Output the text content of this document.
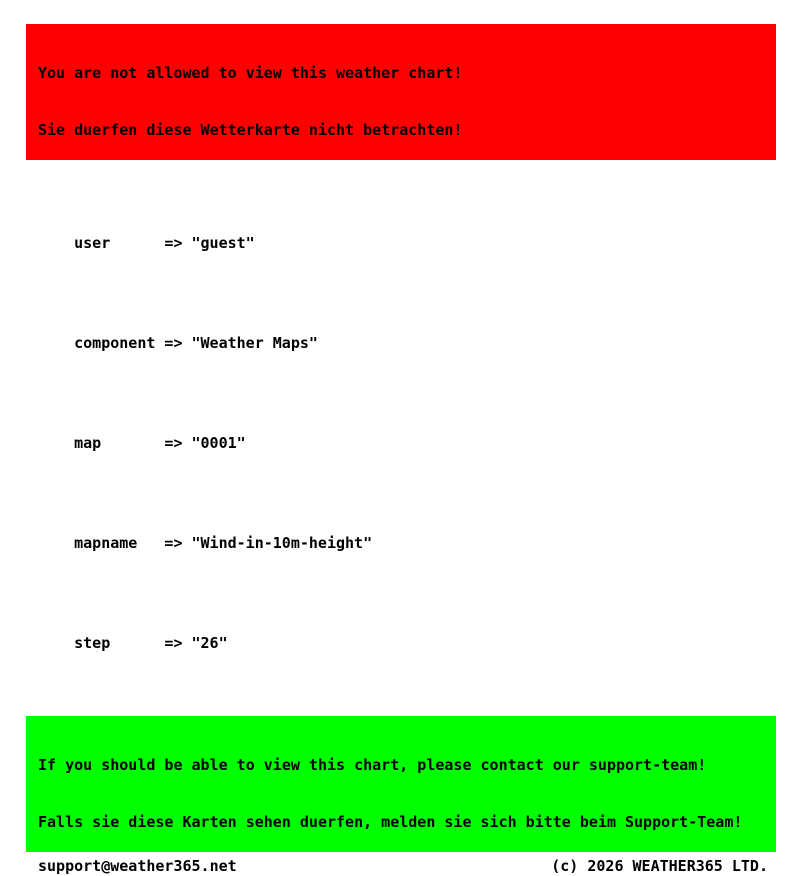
You are not allowed to view this weather chart!

Sie duerfen diese Wetterkarte nicht betrachten!

user	=> "guest"

component => "Weather Maps"

map	=> "0001"

mapname => "Wind-in-10m-height"

step	=> "26"

If you should be able to view this chart, please contact our support-team!

Falls sie diese Karten sehen duerfen, melden sie sich bitte beim Support-Team!

support@weather365.net	(c) 2026 WEATHER365 LTD.
